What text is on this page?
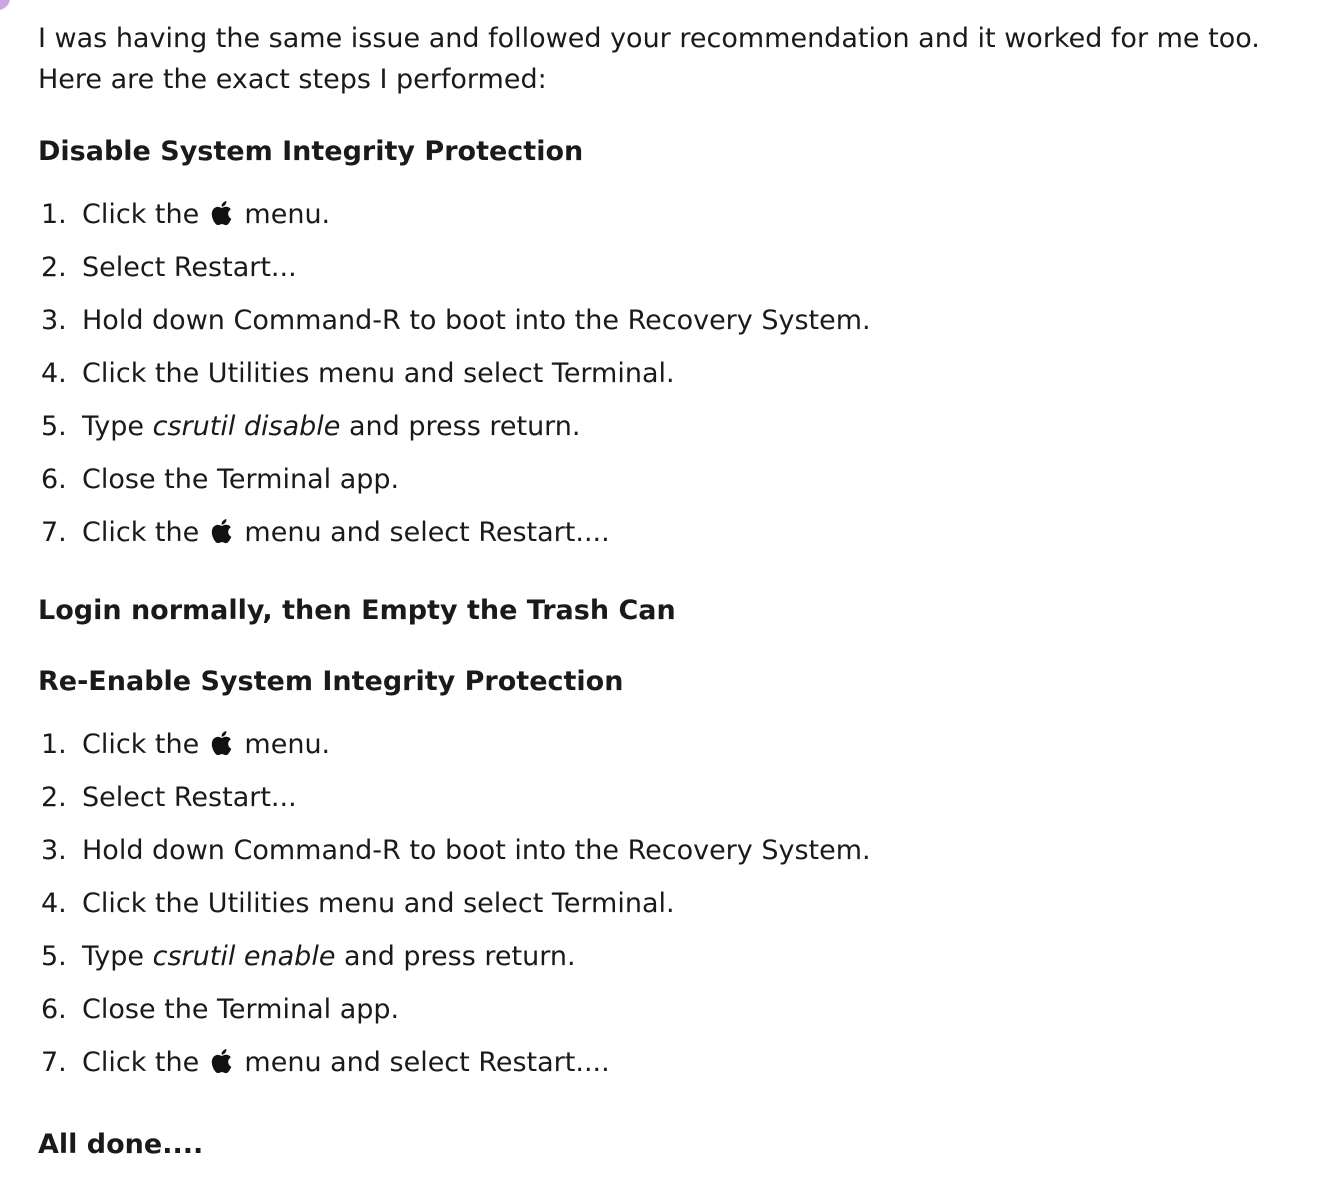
I was having the same issue and followed your recommendation and it worked for me too. Here are the exact steps I performed:

Disable System Integrity Protection
1. Click the menu.
2. Select Restart...
3. Hold down Command-R to boot into the Recovery System.
4. Click the Utilities menu and select Terminal.
5. Type csrutil disable and press return.
6. Close the Terminal app.
7. Click the menu and select Restart....
Login normally, then Empty the Trash Can
Re-Enable System Integrity Protection
1. Click the menu.
2. Select Restart...
3. Hold down Command-R to boot into the Recovery System.
4. Click the Utilities menu and select Terminal.
5. Type csrutil enable and press return.
6. Close the Terminal app.
7. Click the menu and select Restart....
All done....
